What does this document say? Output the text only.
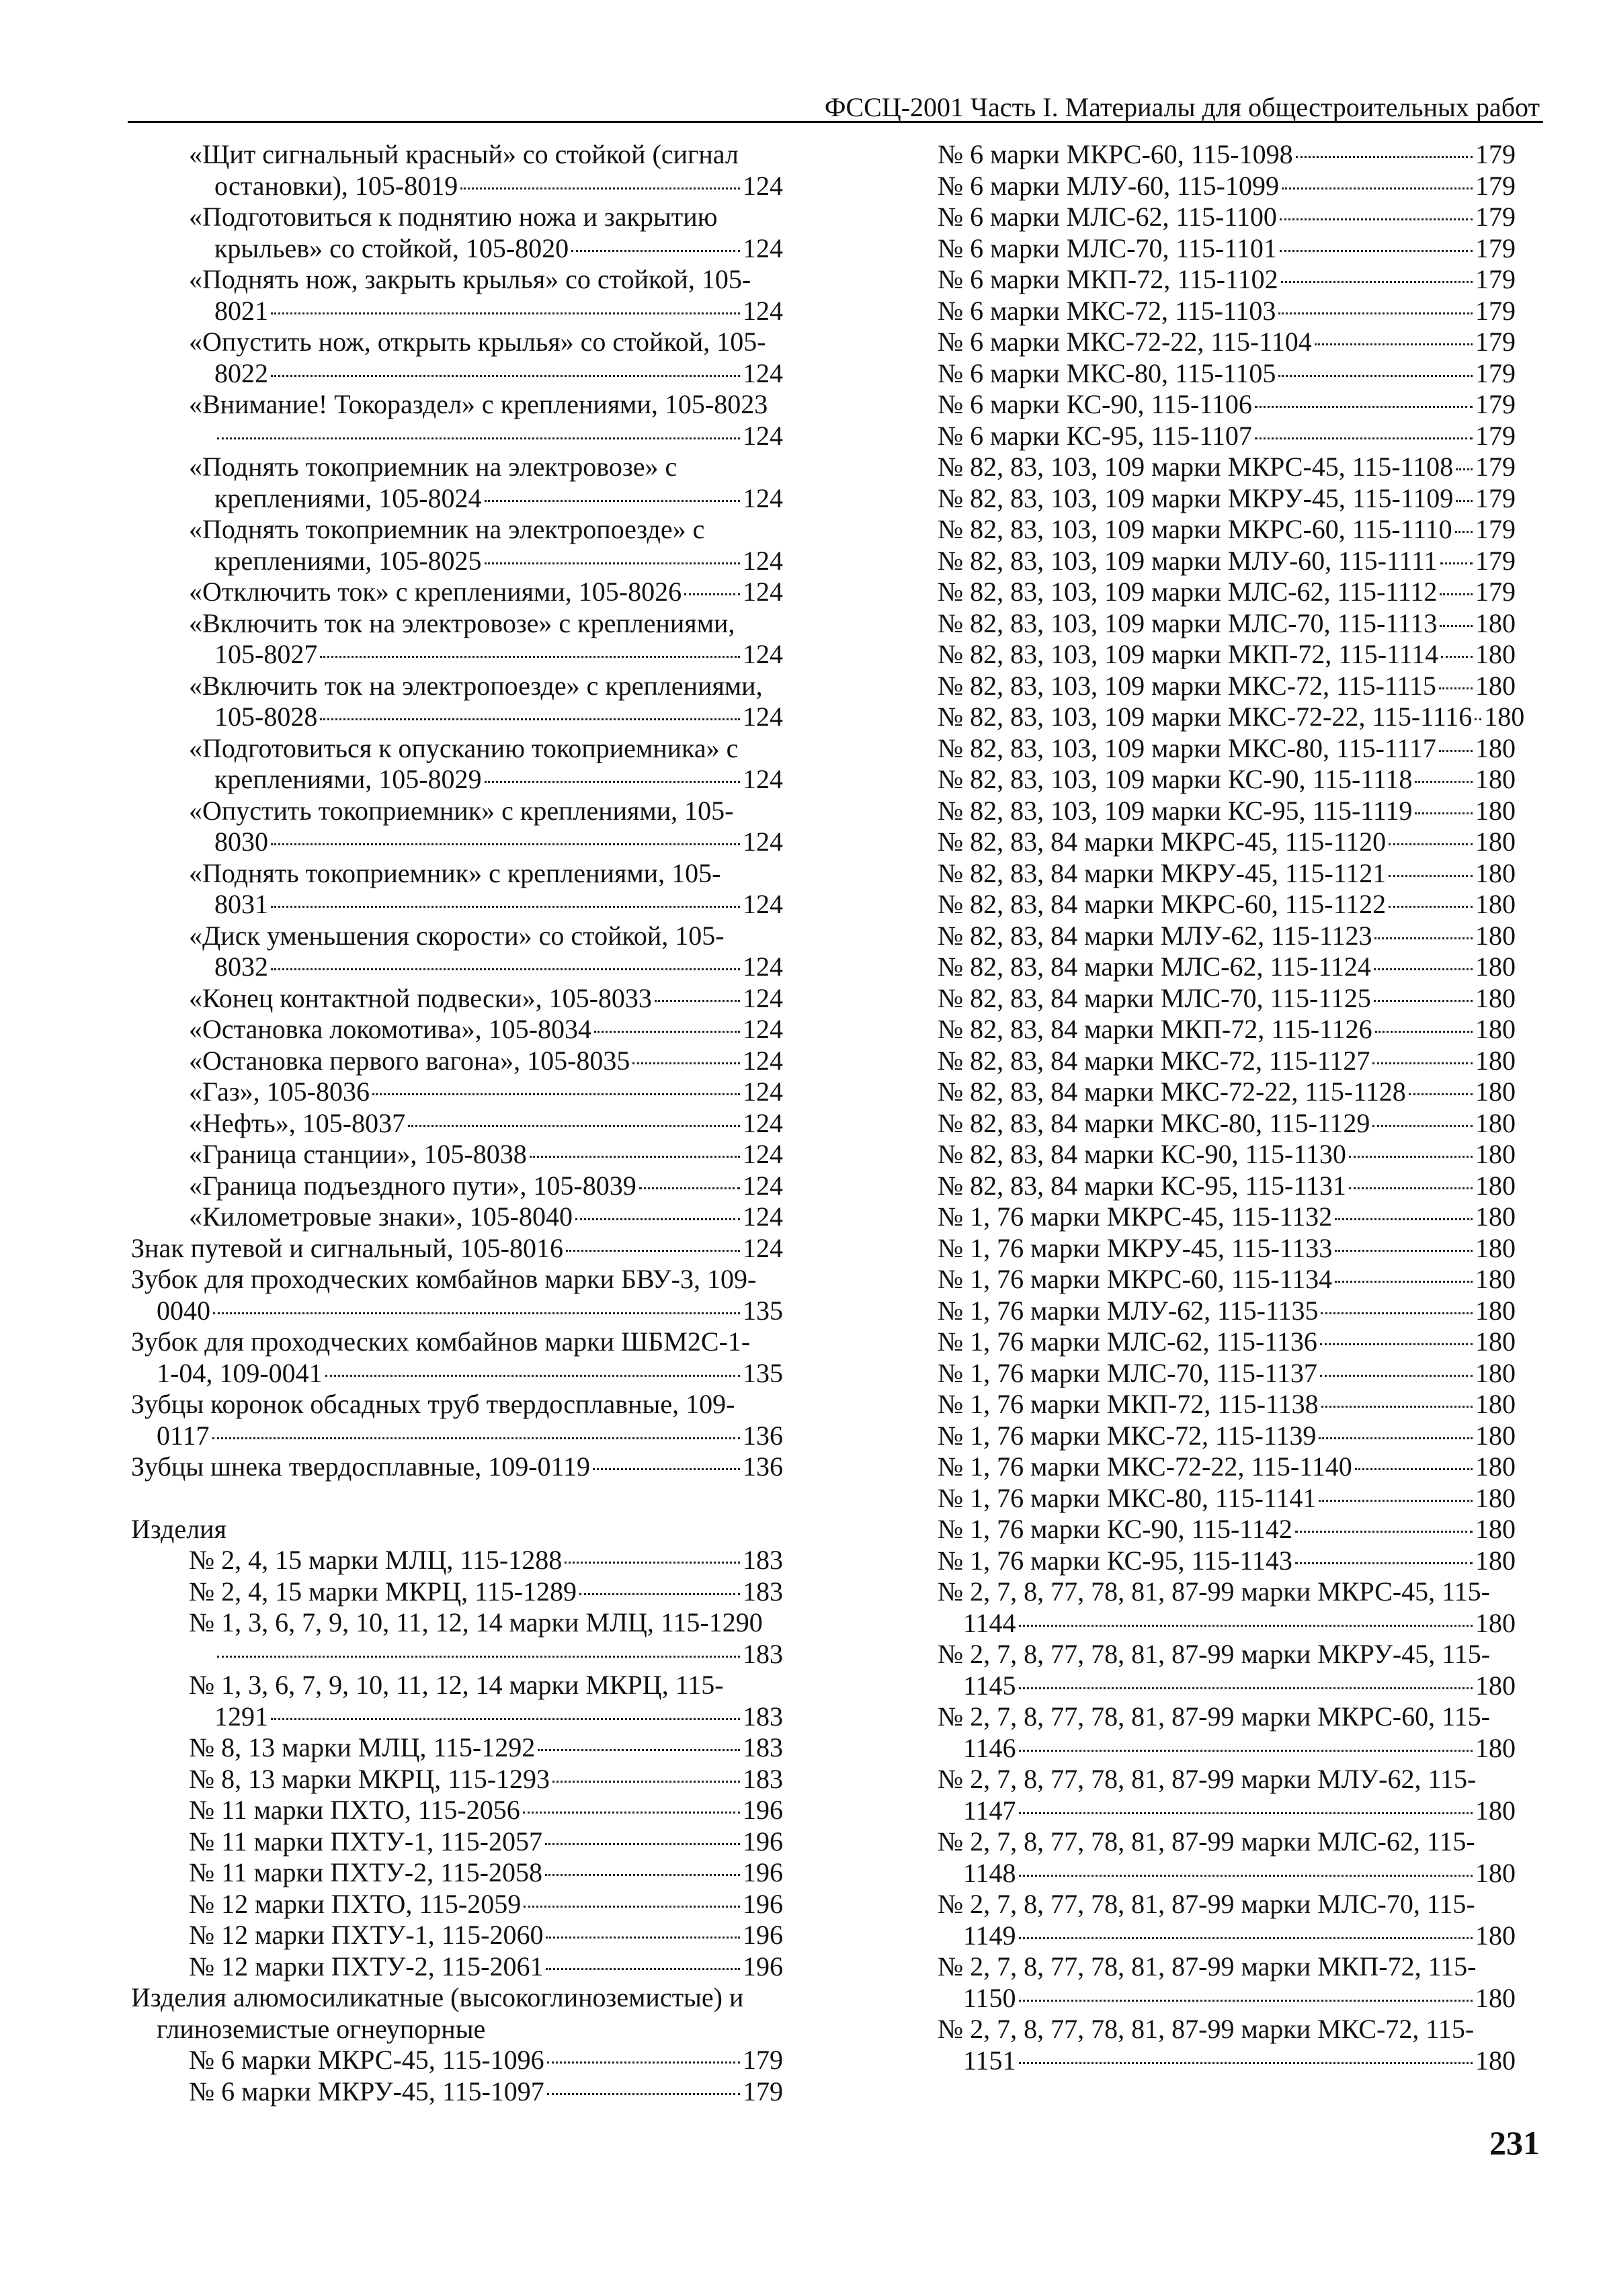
ФССЦ-2001 Часть I. Материалы для общестроительных работ
«Щит сигнальный красный» со стойкой (сигнал
остановки), 105-8019	124
«Подготовиться к поднятию ножа и закрытию
крыльев» со стойкой, 105-8020	124
«Поднять нож, закрыть крылья» со стойкой, 105-
8021	124
«Опустить нож, открыть крылья» со стойкой, 105-
8022	124
«Внимание! Токораздел» с креплениями, 105-8023
124
«Поднять токоприемник на электровозе» с
креплениями, 105-8024	124
«Поднять токоприемник на электропоезде» с
креплениями, 105-8025	124
«Отключить ток» с креплениями, 105-8026 124
«Включить ток на электровозе» с креплениями,
105-8027	124
«Включить ток на электропоезде» с креплениями,
105-8028	124
«Подготовиться к опусканию токоприемника» с
креплениями, 105-8029	124
«Опустить токоприемник» с креплениями, 105-
8030	124
«Поднять токоприемник» с креплениями, 105-
8031	124
«Диск уменьшения скорости» со стойкой, 105-
8032	124
«Конец контактной подвески», 105-8033	124
«Остановка локомотива», 105-8034	124
«Остановка первого вагона», 105-8035	124
«Газ», 105-8036	124
«Нефть», 105-8037	124
«Граница станции», 105-8038	124
«Граница подъездного пути», 105-8039	124
«Километровые знаки», 105-8040	124
Знак путевой и сигнальный, 105-8016	124
Зубок для проходческих комбайнов марки БВУ-3, 109-
0040	135
Зубок для проходческих комбайнов марки ШБМ2С-1-
1-04, 109-0041	135
Зубцы коронок обсадных труб твердосплавные, 109-
0117	136
Зубцы шнека твердосплавные, 109-0119	136
Изделия
№ 2, 4, 15 марки МЛЦ, 115-1288	183
№ 2, 4, 15 марки МКРЦ, 115-1289	183
№ 1, 3, 6, 7, 9, 10, 11, 12, 14 марки МЛЦ, 115-1290
183
№ 1, 3, 6, 7, 9, 10, 11, 12, 14 марки МКРЦ, 115-
1291	183
№ 8, 13 марки МЛЦ, 115-1292	183
№ 8, 13 марки МКРЦ, 115-1293	183
№ 11 марки ПХТО, 115-2056	196
№ 11 марки ПХТУ-1, 115-2057	196
№ 11 марки ПХТУ-2, 115-2058	196
№ 12 марки ПХТО, 115-2059	196
№ 12 марки ПХТУ-1, 115-2060	196
№ 12 марки ПХТУ-2, 115-2061	196
Изделия алюмосиликатные (высокоглиноземистые) и
глиноземистые огнеупорные
№ 6 марки МКРС-45, 115-1096	179
№ 6 марки МКРУ-45, 115-1097	179
№ 6 марки МКРС-60, 115-1098	179
№ 6 марки МЛУ-60, 115-1099	179
№ 6 марки МЛС-62, 115-1100	179
№ 6 марки МЛС-70, 115-1101	179
№ 6 марки МКП-72, 115-1102	179
№ 6 марки МКС-72, 115-1103	179
№ 6 марки МКС-72-22, 115-1104	179
№ 6 марки МКС-80, 115-1105	179
№ 6 марки КС-90, 115-1106	179
№ 6 марки КС-95, 115-1107	179
№ 82, 83, 103, 109 марки МКРС-45, 115-1108 179
№ 82, 83, 103, 109 марки МКРУ-45, 115-1109 179
№ 82, 83, 103, 109 марки МКРС-60, 115-1110 179
№ 82, 83, 103, 109 марки МЛУ-60, 115-1111 179
№ 82, 83, 103, 109 марки МЛС-62, 115-1112 179
№ 82, 83, 103, 109 марки МЛС-70, 115-1113 180
№ 82, 83, 103, 109 марки МКП-72, 115-1114 180
№ 82, 83, 103, 109 марки МКС-72, 115-1115 180
№ 82, 83, 103, 109 марки МКС-72-22, 115-1116 180
№ 82, 83, 103, 109 марки МКС-80, 115-1117 180
№ 82, 83, 103, 109 марки КС-90, 115-1118 180
№ 82, 83, 103, 109 марки КС-95, 115-1119 180
№ 82, 83, 84 марки МКРС-45, 115-1120	180
№ 82, 83, 84 марки МКРУ-45, 115-1121	180
№ 82, 83, 84 марки МКРС-60, 115-1122	180
№ 82, 83, 84 марки МЛУ-62, 115-1123	180
№ 82, 83, 84 марки МЛС-62, 115-1124	180
№ 82, 83, 84 марки МЛС-70, 115-1125	180
№ 82, 83, 84 марки МКП-72, 115-1126	180
№ 82, 83, 84 марки МКС-72, 115-1127	180
№ 82, 83, 84 марки МКС-72-22, 115-1128	180
№ 82, 83, 84 марки МКС-80, 115-1129	180
№ 82, 83, 84 марки КС-90, 115-1130	180
№ 82, 83, 84 марки КС-95, 115-1131	180
№ 1, 76 марки МКРС-45, 115-1132	180
№ 1, 76 марки МКРУ-45, 115-1133	180
№ 1, 76 марки МКРС-60, 115-1134	180
№ 1, 76 марки МЛУ-62, 115-1135	180
№ 1, 76 марки МЛС-62, 115-1136	180
№ 1, 76 марки МЛС-70, 115-1137	180
№ 1, 76 марки МКП-72, 115-1138	180
№ 1, 76 марки МКС-72, 115-1139	180
№ 1, 76 марки МКС-72-22, 115-1140	180
№ 1, 76 марки МКС-80, 115-1141	180
№ 1, 76 марки КС-90, 115-1142	180
№ 1, 76 марки КС-95, 115-1143	180
№ 2, 7, 8, 77, 78, 81, 87-99 марки МКРС-45, 115-
1144	180
№ 2, 7, 8, 77, 78, 81, 87-99 марки МКРУ-45, 115-
1145	180
№ 2, 7, 8, 77, 78, 81, 87-99 марки МКРС-60, 115-
1146	180
№ 2, 7, 8, 77, 78, 81, 87-99 марки МЛУ-62, 115-
1147	180
№ 2, 7, 8, 77, 78, 81, 87-99 марки МЛС-62, 115-
1148	180
№ 2, 7, 8, 77, 78, 81, 87-99 марки МЛС-70, 115-
1149	180
№ 2, 7, 8, 77, 78, 81, 87-99 марки МКП-72, 115-
1150	180
№ 2, 7, 8, 77, 78, 81, 87-99 марки МКС-72, 115-
1151	180
231
